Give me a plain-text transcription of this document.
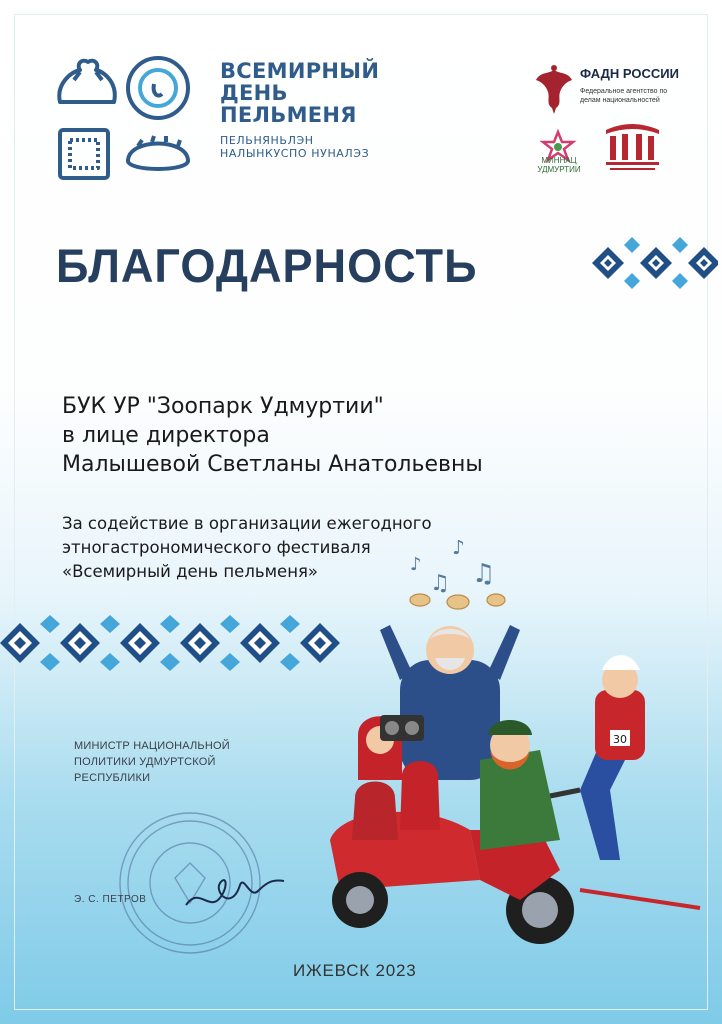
ВСЕМИРНЫЙ
ДЕНЬ
ПЕЛЬМЕНЯ
ПЕЛЬНЯНЬЛЭН
НАЛЫНКУСПО НУНАЛЭЗ
ФАДН РОССИИ
Федеральное агентство по делам национальностей
МИННАЦ УДМУРТИИ
БЛАГОДАРНОСТЬ
БУК УР "Зоопарк Удмуртии"
в лице директора
Малышевой Светланы Анатольевны
За содействие в организации ежегодного
этногастрономического фестиваля
«Всемирный день пельменя»
МИНИСТР НАЦИОНАЛЬНОЙ
ПОЛИТИКИ УДМУРТСКОЙ
РЕСПУБЛИКИ
Э. С. ПЕТРОВ
♪
♫ ♫
♪
30
ИЖЕВСК 2023
